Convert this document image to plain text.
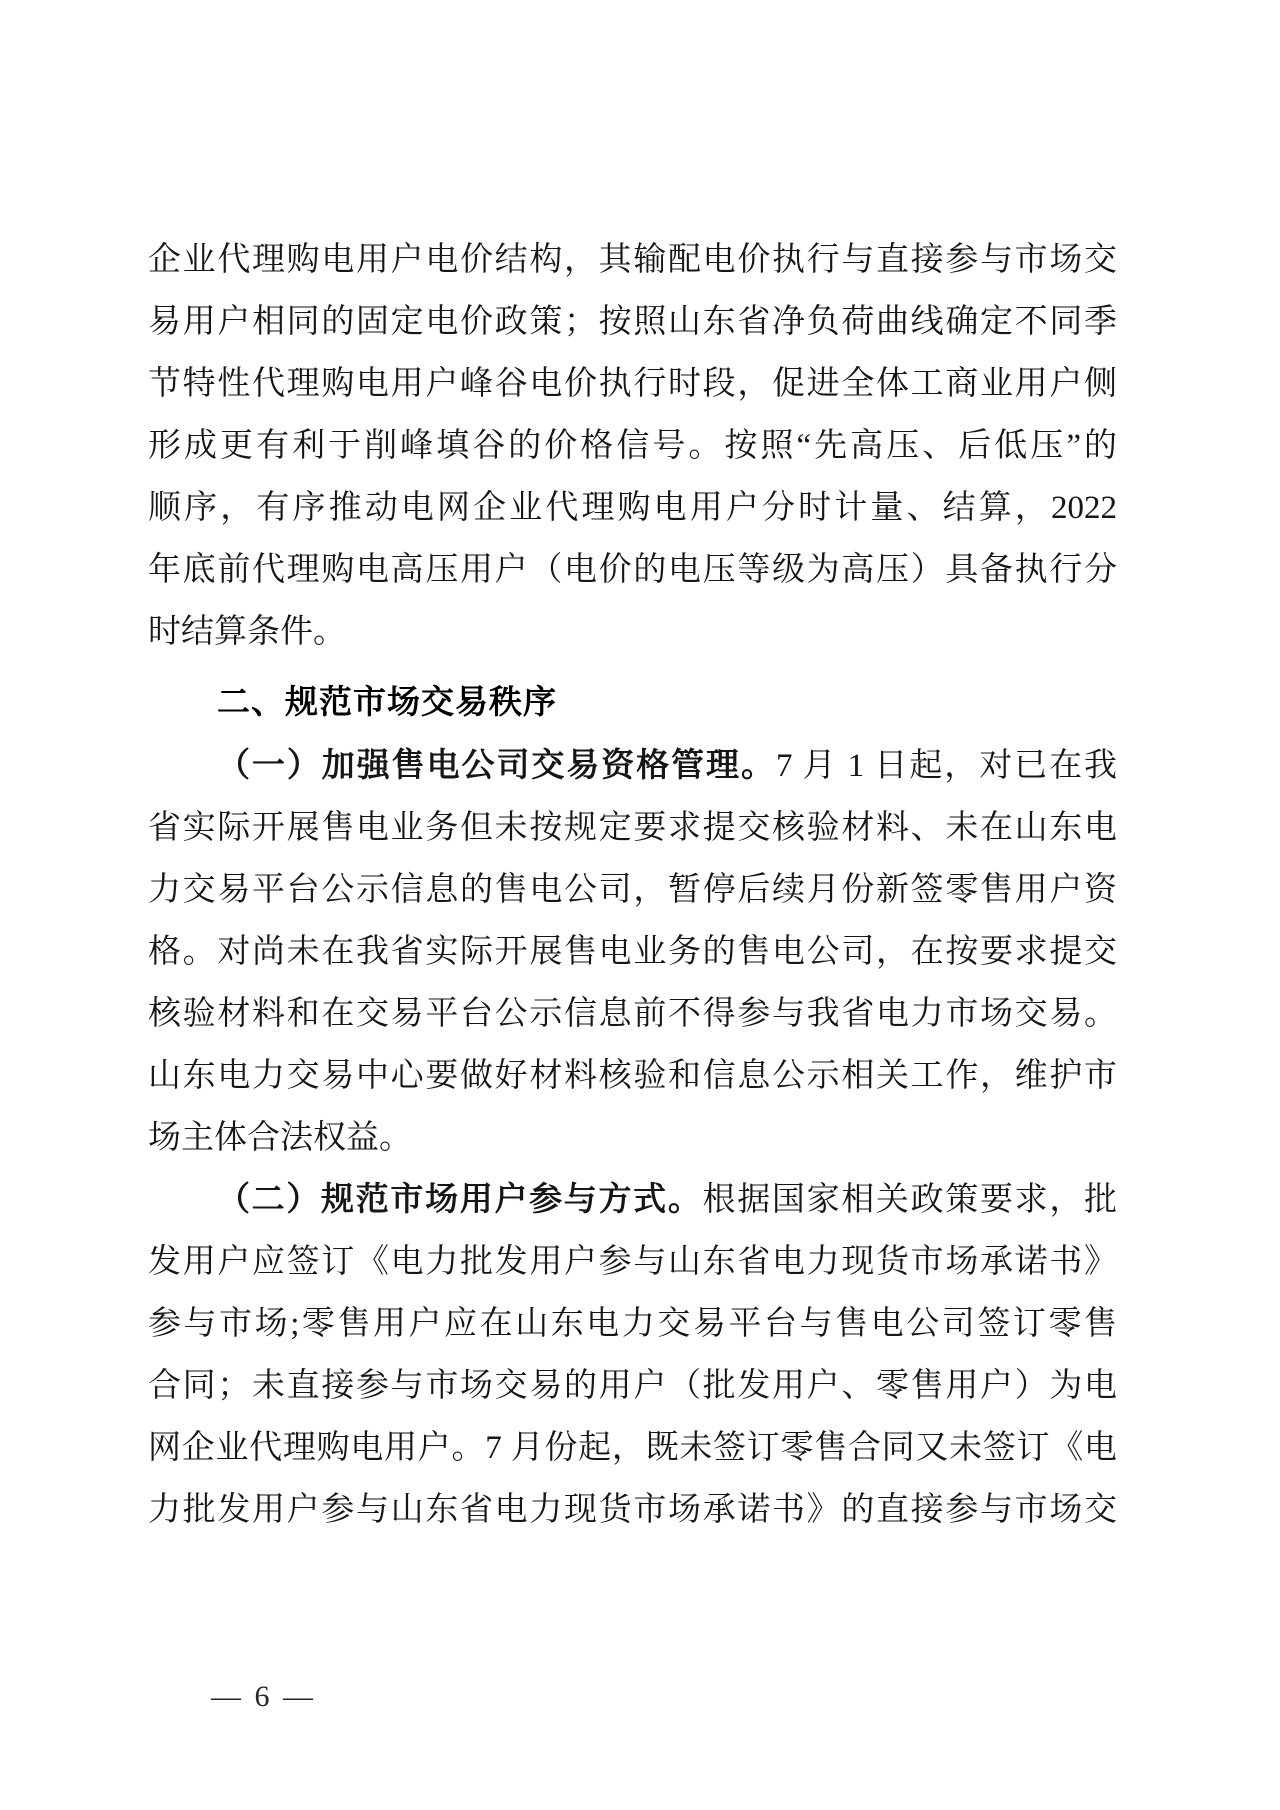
企业代理购电用户电价结构，其输配电价执行与直接参与市场交
易用户相同的固定电价政策；按照山东省净负荷曲线确定不同季
节特性代理购电用户峰谷电价执行时段，促进全体工商业用户侧
形成更有利于削峰填谷的价格信号。按照“先高压、后低压”的
顺序，有序推动电网企业代理购电用户分时计量、结算，2022
年底前代理购电高压用户（电价的电压等级为高压）具备执行分
时结算条件。
二、规范市场交易秩序
（一）加强售电公司交易资格管理。7 月 1 日起，对已在我
省实际开展售电业务但未按规定要求提交核验材料、未在山东电
力交易平台公示信息的售电公司，暂停后续月份新签零售用户资
格。对尚未在我省实际开展售电业务的售电公司，在按要求提交
核验材料和在交易平台公示信息前不得参与我省电力市场交易。
山东电力交易中心要做好材料核验和信息公示相关工作，维护市
场主体合法权益。
（二）规范市场用户参与方式。根据国家相关政策要求，批
发用户应签订《电力批发用户参与山东省电力现货市场承诺书》
参与市场;零售用户应在山东电力交易平台与售电公司签订零售
合同；未直接参与市场交易的用户（批发用户、零售用户）为电
网企业代理购电用户。7 月份起，既未签订零售合同又未签订《电
力批发用户参与山东省电力现货市场承诺书》的直接参与市场交
— 6 —
